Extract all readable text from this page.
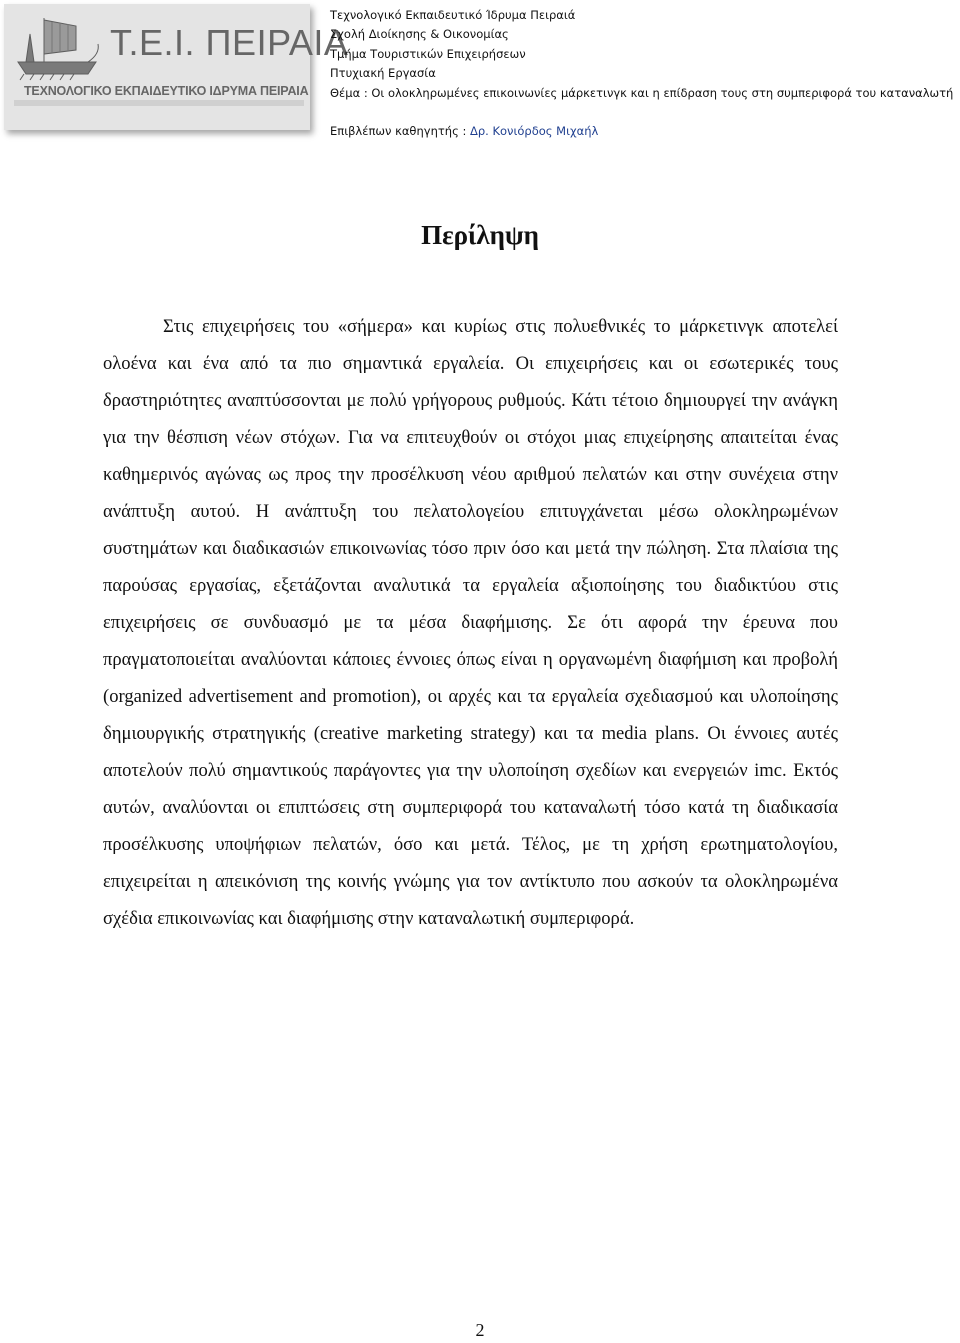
Τ.Ε.Ι. ΠΕΙΡΑΙΑ
ΤΕΧΝΟΛΟΓΙΚΟ ΕΚΠΑΙΔΕΥΤΙΚΟ ΙΔΡΥΜΑ ΠΕΙΡΑΙΑ
Τεχνολογικό Εκπαιδευτικό Ίδρυμα Πειραιά
Σχολή Διοίκησης & Οικονομίας
Τμήμα Τουριστικών Επιχειρήσεων
Πτυχιακή Εργασία
Θέμα : Οι ολοκληρωμένες επικοινωνίες μάρκετινγκ και η επίδραση τους στη συμπεριφορά του καταναλωτή
Επιβλέπων καθηγητής : Δρ. Κονιόρδος Μιχαήλ
Περίληψη

Στις επιχειρήσεις του «σήμερα» και κυρίως στις πολυεθνικές το μάρκετινγκ αποτελεί ολοένα και ένα από τα πιο σημαντικά εργαλεία. Οι επιχειρήσεις και οι εσωτερικές τους δραστηριότητες αναπτύσσονται με πολύ γρήγορους ρυθμούς. Κάτι τέτοιο δημιουργεί την ανάγκη για την θέσπιση νέων στόχων. Για να επιτευχθούν οι στόχοι μιας επιχείρησης απαιτείται ένας καθημερινός αγώνας ως προς την προσέλκυση νέου αριθμού πελατών και στην συνέχεια στην ανάπτυξη αυτού. Η ανάπτυξη του πελατολογείου επιτυγχάνεται μέσω ολοκληρωμένων συστημάτων και διαδικασιών επικοινωνίας τόσο πριν όσο και μετά την πώληση. Στα πλαίσια της παρούσας εργασίας, εξετάζονται αναλυτικά τα εργαλεία αξιοποίησης του διαδικτύου στις επιχειρήσεις σε συνδυασμό με τα μέσα διαφήμισης. Σε ότι αφορά την έρευνα που πραγματοποιείται αναλύονται κάποιες έννοιες όπως είναι η οργανωμένη διαφήμιση και προβολή (organized advertisement and promotion), οι αρχές και τα εργαλεία σχεδιασμού και υλοποίησης δημιουργικής στρατηγικής (creative marketing strategy) και τα media plans. Οι έννοιες αυτές αποτελούν πολύ σημαντικούς παράγοντες για την υλοποίηση σχεδίων και ενεργειών imc. Εκτός αυτών, αναλύονται οι επιπτώσεις στη συμπεριφορά του καταναλωτή τόσο κατά τη διαδικασία προσέλκυσης υποψήφιων πελατών, όσο και μετά. Τέλος, με τη χρήση ερωτηματολογίου, επιχειρείται η απεικόνιση της κοινής γνώμης για τον αντίκτυπο που ασκούν τα ολοκληρωμένα σχέδια επικοινωνίας και διαφήμισης στην καταναλωτική συμπεριφορά.

2
